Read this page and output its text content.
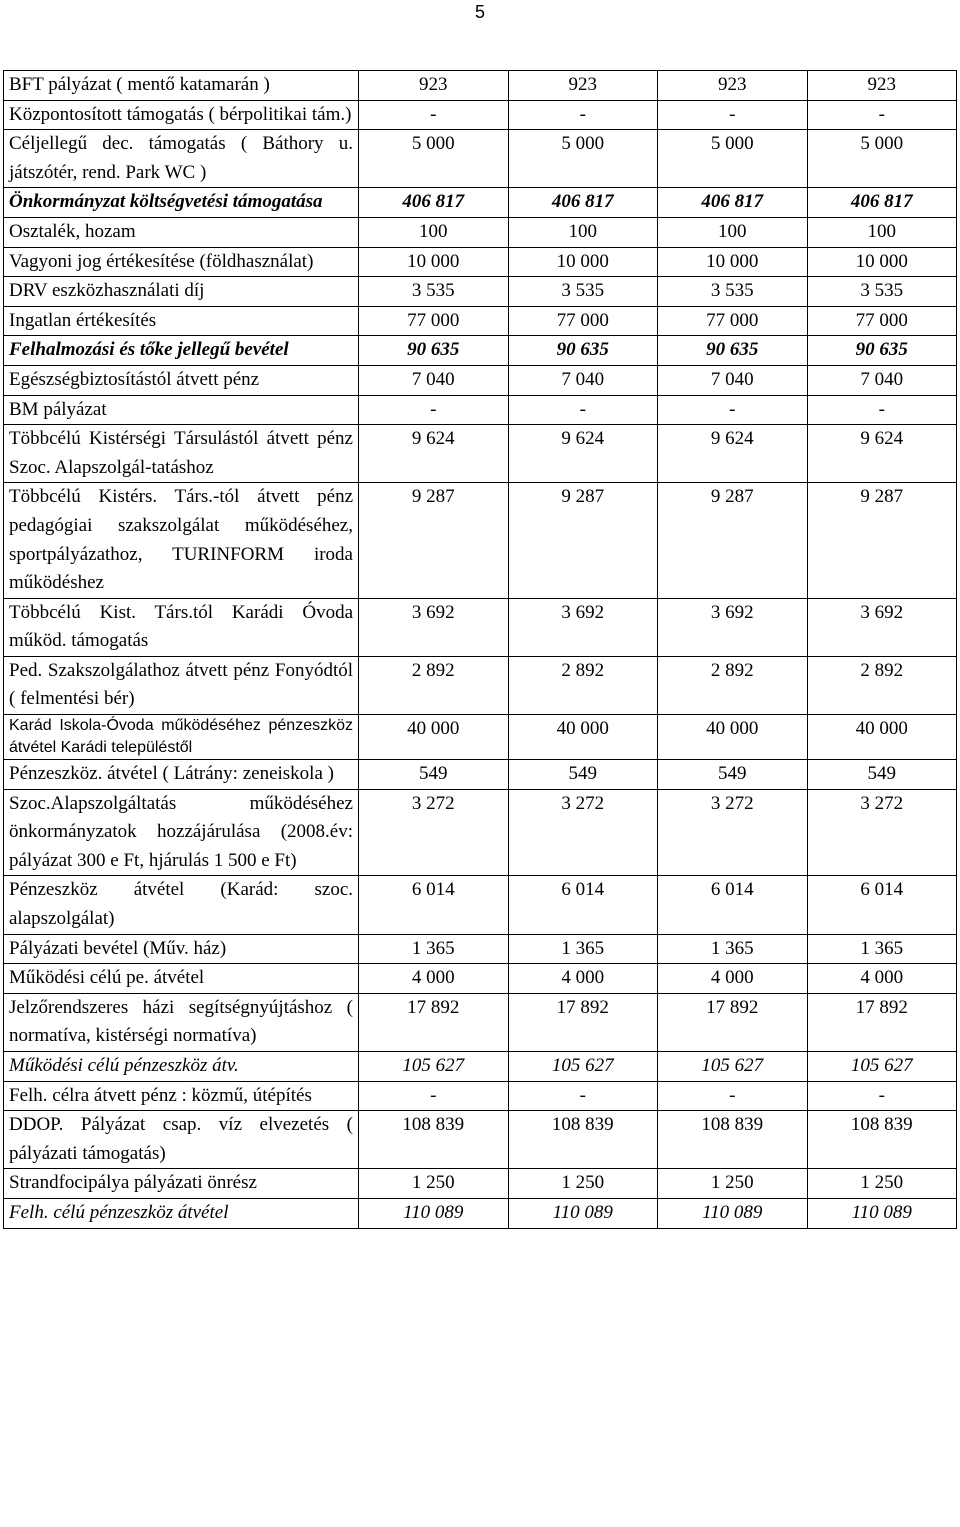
5
BFT pályázat ( mentő katamarán )	923	923	923	923
Központosított támogatás ( bérpolitikai tám.)	-	-	-	-
Céljellegű dec. támogatás ( Báthory u. játszótér, rend. Park WC )	5 000	5 000	5 000	5 000
Önkormányzat költségvetési támogatása	406 817	406 817	406 817	406 817
Osztalék, hozam	100	100	100	100
Vagyoni jog értékesítése (földhasználat)	10 000	10 000	10 000	10 000
DRV eszközhasználati díj	3 535	3 535	3 535	3 535
Ingatlan értékesítés	77 000	77 000	77 000	77 000
Felhalmozási és tőke jellegű bevétel	90 635	90 635	90 635	90 635
Egészségbiztosítástól átvett pénz	7 040	7 040	7 040	7 040
BM pályázat	-	-	-	-
Többcélú Kistérségi Társulástól átvett pénz Szoc. Alapszolgál-tatáshoz	9 624	9 624	9 624	9 624
Többcélú Kistérs. Társ.-tól átvett pénz pedagógiai szakszolgálat működéséhez, sportpályázathoz, TURINFORM iroda működéshez	9 287	9 287	9 287	9 287
Többcélú Kist. Társ.tól Karádi Óvoda működ. támogatás	3 692	3 692	3 692	3 692
Ped. Szakszolgálathoz átvett pénz Fonyódtól ( felmentési bér)	2 892	2 892	2 892	2 892
Karád Iskola-Óvoda működéséhez pénzeszköz átvétel Karádi településtől	40 000	40 000	40 000	40 000
Pénzeszköz. átvétel ( Látrány: zeneiskola )	549	549	549	549
Szoc.Alapszolgáltatás működéséhez önkormányzatok hozzájárulása (2008.év: pályázat 300 e Ft, hjárulás 1 500 e Ft)	3 272	3 272	3 272	3 272
Pénzeszköz átvétel (Karád: szoc. alapszolgálat)	6 014	6 014	6 014	6 014
Pályázati bevétel (Műv. ház)	1 365	1 365	1 365	1 365
Működési célú pe. átvétel	4 000	4 000	4 000	4 000
Jelzőrendszeres házi segítségnyújtáshoz ( normatíva, kistérségi normatíva)	17 892	17 892	17 892	17 892
Működési célú pénzeszköz átv.	105 627	105 627	105 627	105 627
Felh. célra átvett pénz : közmű, útépítés	-	-	-	-
DDOP. Pályázat csap. víz elvezetés ( pályázati támogatás)	108 839	108 839	108 839	108 839
Strandfocipálya pályázati önrész	1 250	1 250	1 250	1 250
Felh. célú pénzeszköz átvétel	110 089	110 089	110 089	110 089
